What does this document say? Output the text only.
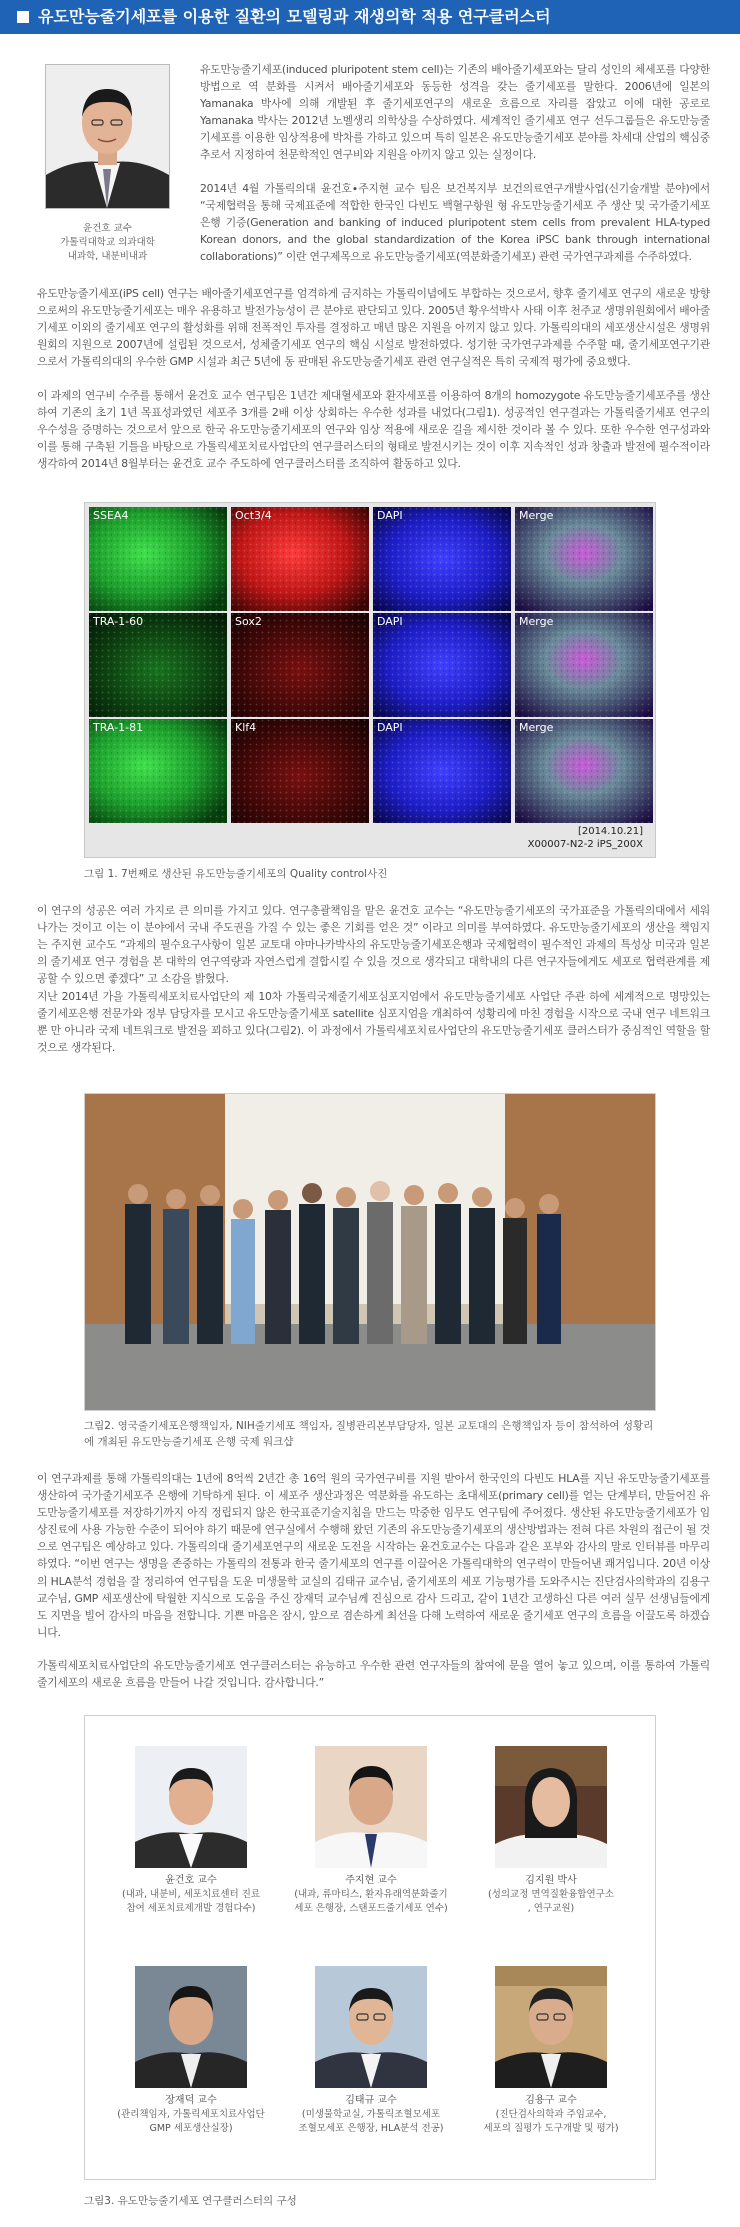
유도만능줄기세포를 이용한 질환의 모델링과 재생의학 적용 연구클러스터
윤건호 교수
가톨릭대학교 의과대학
내과학, 내분비내과

유도만능줄기세포(induced pluripotent stem cell)는 기존의 배아줄기세포와는 달리 성인의 체세포를 다양한 방법으로 역 분화를 시켜서 배아줄기세포와 동등한 성격을 갖는 줄기세포를 말한다. 2006년에 일본의 Yamanaka 박사에 의해 개발된 후 줄기세포연구의 새로운 흐름으로 자리를 잡았고 이에 대한 공로로 Yamanaka 박사는 2012년 노벨생리 의학상을 수상하였다. 세계적인 줄기세포 연구 선두그룹들은 유도만능줄기세포를 이용한 임상적용에 박차를 가하고 있으며 특히 일본은 유도만능줄기세포 분야를 차세대 산업의 핵심중추로서 지정하여 천문학적인 연구비와 지원을 아끼지 않고 있는 실정이다.

2014년 4월 가톨릭의대 윤건호∙주지현 교수 팀은 보건복지부 보건의료연구개발사업(신기술개발 분야)에서 “국제협력을 통해 국제표준에 적합한 한국인 다빈도 백혈구항원 형 유도만능줄기세포 주 생산 및 국가줄기세포은행 기증(Generation and banking of induced pluripotent stem cells from prevalent HLA-typed Korean donors, and the global standardization of the Korea iPSC bank through international collaborations)” 이란 연구제목으로 유도만능줄기세포(역분화줄기세포) 관련 국가연구과제를 수주하였다.

유도만능줄기세포(iPS cell) 연구는 배아줄기세포연구를 엄격하게 금지하는 가톨릭이념에도 부합하는 것으로서, 향후 줄기세포 연구의 새로운 방향으로써의 유도만능줄기세포는 매우 유용하고 발전가능성이 큰 분야로 판단되고 있다. 2005년 황우석박사 사태 이후 천주교 생명위원회에서 배아줄기세포 이외의 줄기세포 연구의 활성화를 위해 전폭적인 투자를 결정하고 매년 많은 지원을 아끼지 않고 있다. 가톨릭의대의 세포생산시설은 생명위원회의 지원으로 2007년에 설립된 것으로서, 성체줄기세포 연구의 핵심 시설로 발전하였다. 성기한 국가연구과제를 수주할 때, 줄기세포연구기관으로서 가톨릭의대의 우수한 GMP 시설과 최근 5년에 동 판매된 유도만능줄기세포 관련 연구실적은 특히 국제적 평가에 중요했다.

이 과제의 연구비 수주를 통해서 윤건호 교수 연구팀은 1년간 제대혈세포와 환자세포를 이용하여 8개의 homozygote 유도만능줄기세포주를 생산하여 기존의 초기 1년 목표성과였던 세포주 3개를 2배 이상 상회하는 우수한 성과를 내었다(그림1). 성공적인 연구결과는 가톨릭줄기세포 연구의 우수성을 증명하는 것으로서 앞으로 한국 유도만능줄기세포의 연구와 임상 적용에 새로운 길을 제시한 것이라 볼 수 있다. 또한 우수한 연구성과와 이를 통해 구축된 기틀을 바탕으로 가톨릭세포치료사업단의 연구클러스터의 형태로 발전시키는 것이 이후 지속적인 성과 창출과 발전에 필수적이라 생각하여 2014년 8월부터는 윤건호 교수 주도하에 연구클러스터를 조직하여 활동하고 있다.

SSEA4	Oct3/4	DAPI	Merge
TRA-1-60	Sox2	DAPI	Merge
TRA-1-81	Klf4	DAPI	Merge
[2014.10.21]
X00007-N2-2 iPS_200X
그림 1. 7번째로 생산된 유도만능줄기세포의 Quality control사진

이 연구의 성공은 여러 가지로 큰 의미를 가지고 있다. 연구총괄책임을 맡은 윤건호 교수는 “유도만능줄기세포의 국가표준을 가톨릭의대에서 세워나가는 것이고 이는 이 분야에서 국내 주도권을 가질 수 있는 좋은 기회를 얻은 것” 이라고 의미를 부여하였다. 유도만능줄기세포의 생산을 책임지는 주지현 교수도 “과제의 필수요구사항이 일본 교토대 야마나카박사의 유도만능줄기세포은행과 국제협력이 필수적인 과제의 특성상 미국과 일본의 줄기세포 연구 경험을 본 대학의 연구역량과 자연스럽게 결합시킬 수 있을 것으로 생각되고 대학내의 다른 연구자들에게도 세포로 협력관계를 제공할 수 있으면 좋겠다” 고 소감을 밝혔다.

지난 2014년 가을 가톨릭세포치료사업단의 제 10차 가톨릭국제줄기세포심포지엄에서 유도만능줄기세포 사업단 주관 하에 세계적으로 명망있는 줄기세포은행 전문가와 정부 담당자를 모시고 유도만능줄기세포 satellite 심포지엄을 개최하여 성황리에 마친 경험을 시작으로 국내 연구 네트워크뿐 만 아니라 국제 네트워크로 발전을 꾀하고 있다(그림2). 이 과정에서 가톨릭세포치료사업단의 유도만능줄기세포 클러스터가 중심적인 역할을 할 것으로 생각된다.

그림2. 영국줄기세포은행책임자, NIH줄기세포 책임자, 질병관리본부담당자, 일본 교토대의 은행책임자 등이 참석하여 성황리에 개최된 유도만능줄기세포 은행 국제 워크샵

이 연구과제를 통해 가톨릭의대는 1년에 8억씩 2년간 총 16억 원의 국가연구비를 지원 받아서 한국인의 다빈도 HLA를 지닌 유도만능줄기세포를 생산하여 국가줄기세포주 은행에 기탁하게 된다. 이 세포주 생산과정은 역분화를 유도하는 초대세포(primary cell)를 얻는 단계부터, 만들어진 유도만능줄기세포를 저장하기까지 아직 정립되지 않은 한국표준기술지침을 만드는 막중한 임무도 연구팀에 주어졌다. 생산된 유도만능줄기세포가 임상진료에 사용 가능한 수준이 되어야 하기 때문에 연구실에서 수행해 왔던 기존의 유도만능줄기세포의 생산방법과는 전혀 다른 차원의 접근이 될 것으로 연구팀은 예상하고 있다. 가톨릭의대 줄기세포연구의 새로운 도전을 시작하는 윤건호교수는 다음과 같은 포부와 감사의 말로 인터뷰를 마무리하였다. “이번 연구는 생명을 존중하는 가톨릭의 전통과 한국 줄기세포의 연구를 이끌어온 가톨릭대학의 연구력이 만들어낸 쾌거입니다. 20년 이상의 HLA분석 경험을 잘 정리하여 연구팀을 도운 미생물학 교실의 김태규 교수님, 줄기세포의 세포 기능평가를 도와주시는 진단검사의학과의 김용구 교수님, GMP 세포생산에 탁월한 지식으로 도움을 주신 장재덕 교수님께 진심으로 감사 드리고, 같이 1년간 고생하신 다른 여러 실무 선생님들에게도 지면을 빌어 감사의 마음을 전합니다. 기쁜 마음은 잠시, 앞으로 겸손하게 최선을 다해 노력하여 새로운 줄기세포 연구의 흐름을 이끌도록 하겠습니다.

가톨릭세포치료사업단의 유도만능줄기세포 연구클러스터는 유능하고 우수한 관련 연구자들의 참여에 문을 열어 놓고 있으며, 이를 통하여 가톨릭 줄기세포의 새로운 흐름을 만들어 나갈 것입니다. 감사합니다.”

윤건호 교수
(내과, 내분비, 세포치료센터 진료
참여 세포치료제개발 경험다수)
주지현 교수
(내과, 류마티스, 환자유래역분화줄기
세포 은행장, 스탠포드줄기세포 연수)
김지원 박사
(성의교정 면역질환융합연구소
, 연구교원)
장재덕 교수
(관리책임자, 가톨릭세포치료사업단
GMP 세포생산실장)
김태규 교수
(미생물학교실, 가톨릭조혈모세포
조혈모세포 은행장, HLA분석 전공)
김용구 교수
(진단검사의학과 주임교수,
세포의 질평가 도구개발 및 평가)
그림3. 유도만능줄기세포 연구클러스터의 구성
